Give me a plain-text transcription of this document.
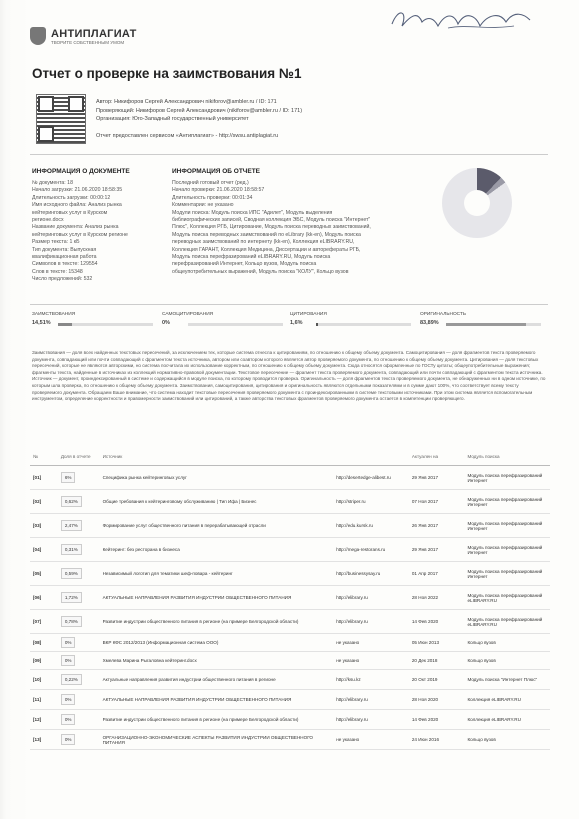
АНТИПЛАГИАТ
ТВОРИТЕ СОБСТВЕННЫМ УМОМ
Отчет о проверке на заимствования №1
Автор: Никифоров Сергей Александрович nikiforov@ambler.ru / ID: 171
Проверяющий: Никифоров Сергей Александрович (nikiforov@ambler.ru / ID: 171)
Организация: Юго-Западный государственный университет
Отчет предоставлен сервисом «Антиплагиат» - http://swsu.antiplagiat.ru
ИНФОРМАЦИЯ О ДОКУМЕНТЕ
№ документа: 18
Начало загрузки: 21.06.2020 18:58:35
Длительность загрузки: 00:00:12
Имя исходного файла: Анализ рынка
кейтеринговых услуг в Курском
регионе.docx
Название документа: Анализ рынка
кейтеринговых услуг в Курском регионе
Размер текста: 1 кБ
Тип документа: Выпускная
квалификационная работа
Символов в тексте: 129554
Слов в тексте: 15348
Число предложений: 532
ИНФОРМАЦИЯ ОБ ОТЧЕТЕ
Последний готовый отчет (ред.)
Начало проверки: 21.06.2020 18:58:57
Длительность проверки: 00:01:34
Комментарии: не указано
Модули поиска: Модуль поиска ИПС "Адилет", Модуль выделения
библиографических записей, Сводная коллекция ЭБС, Модуль поиска "Интернет"
Плюс", Коллекция РГБ, Цитирование, Модуль поиска переводных заимствований,
Модуль поиска переводных заимствований по eLibrary (kk-en), Модуль поиска
переводных заимствований по интернету (kk-en), Коллекция eLIBRARY.RU,
Коллекция ГАРАНТ, Коллекция Медицина, Диссертации и авторефераты РГБ,
Модуль поиска перефразирований eLIBRARY.RU, Модуль поиска
перефразирований Интернет, Кольцо вузов, Модуль поиска
общеупотребительных выражений, Модуль поиска "КОЛУ", Кольцо вузов
ЗАИМСТВОВАНИЯ
14,51%
САМОЦИТИРОВАНИЯ
0%
ЦИТИРОВАНИЯ
1,6%
ОРИГИНАЛЬНОСТЬ
83,89%
Заимствования — доля всех найденных текстовых пересечений, за исключением тех, которые система отнесла к цитированиям, по отношению к общему объему документа. Самоцитирования — доля фрагментов текста проверяемого документа, совпадающий или почти совпадающий с фрагментом текста источника, автором или соавтором которого является автор проверяемого документа, по отношению к общему объему документа. Цитирования — доля текстовых пересечений, которые не являются авторскими, но система посчитала их использование корректным, по отношению к общему объему документа. Сюда относятся оформленные по ГОСТу цитаты; общеупотребительные выражения; фрагменты текста, найденные в источниках из коллекций нормативно-правовой документации. Текстовое пересечение — фрагмент текста проверяемого документа, совпадающий или почти совпадающий с фрагментом текста источника. Источник — документ, проиндексированный в системе и содержащийся в модуле поиска, по которому проводится проверка. Оригинальность — доля фрагментов текста проверяемого документа, не обнаруженных ни в одном источнике, по которым шла проверка, по отношению к общему объему документа. Заимствования, самоцитирования, цитирования и оригинальность являются отдельными показателями и в сумме дают 100%, что соответствует всему тексту проверяемого документа. Обращаем Ваше внимание, что система находит текстовые пересечения проверяемого документа с проиндексированными в системе текстовыми источниками. При этом система является вспомогательным инструментом, определение корректности и правомерности заимствований или цитирований, а также авторства текстовых фрагментов проверяемого документа остается в компетенции проверяющего.
№	Доля в отчете	Источник		Актуален на	Модуль поиска
[01]	6%	Специфика рынка кейтеринговых услуг	http://desertedge-alibest.ru	29 Янв 2017	Модуль поиска перефразирований Интернет
[02]	0,62%	Общие требования к кейтеринговому обслуживанию | Тип Ифа | Бизнес	http://striper.ru	07 Ноя 2017	Модуль поиска перефразирований Интернет
[03]	2,47%	Формирование услуг общественного питания в перерабатывающей отрасли	http://edu.kursk.ru	26 Янв 2017	Модуль поиска перефразирований Интернет
[04]	0,31%	Кейтеринг: без ресторана в бизнеса	http://mega-restorans.ru	29 Янв 2017	Модуль поиска перефразирований Интернет
[05]	0,59%	Независимый логотип для тематики шеф-повара - кейтеринг	http://businessysay.ru	01 Апр 2017	Модуль поиска перефразирований Интернет
[06]	1,72%	АКТУАЛЬНЫЕ НАПРАВЛЕНИЯ РАЗВИТИЯ ИНДУСТРИИ ОБЩЕСТВЕННОГО ПИТАНИЯ	http://elibrary.ru	28 Ноя 2022	Модуль поиска перефразирований eLIBRARY.RU
[07]	0,78%	Развитие индустрии общественного питания в регионе (на примере Белгородской области)	http://elibrary.ru	14 Фев 2020	Модуль поиска перефразирований eLIBRARY.RU
[08]	0%	ВКР КФС 2012/2013 (Информационная система ООО)	не указано	05 Июн 2013	Кольцо вузов
[09]	0%	Хмелева Марина Рыгаловна кейтеринг.docx	не указано	20 Дек 2018	Кольцо вузов
[10]	0,22%	Актуальные направления развития индустрии общественного питания в регионе	http://ksu.kz	20 Окт 2019	Модуль поиска "Интернет Плюс"
[11]	0%	АКТУАЛЬНЫЕ НАПРАВЛЕНИЯ РАЗВИТИЯ ИНДУСТРИИ ОБЩЕСТВЕННОГО ПИТАНИЯ	http://elibrary.ru	28 Ноя 2020	Коллекция eLIBRARY.RU
[12]	0%	Развитие индустрии общественного питания в регионе (на примере Белгородской области)	http://elibrary.ru	14 Фев 2020	Коллекция eLIBRARY.RU
[13]	0%	ОРГАНИЗАЦИОННО-ЭКОНОМИЧЕСКИЕ АСПЕКТЫ РАЗВИТИЯ ИНДУСТРИИ ОБЩЕСТВЕННОГО ПИТАНИЯ	не указано	24 Июн 2016	Кольцо вузов
